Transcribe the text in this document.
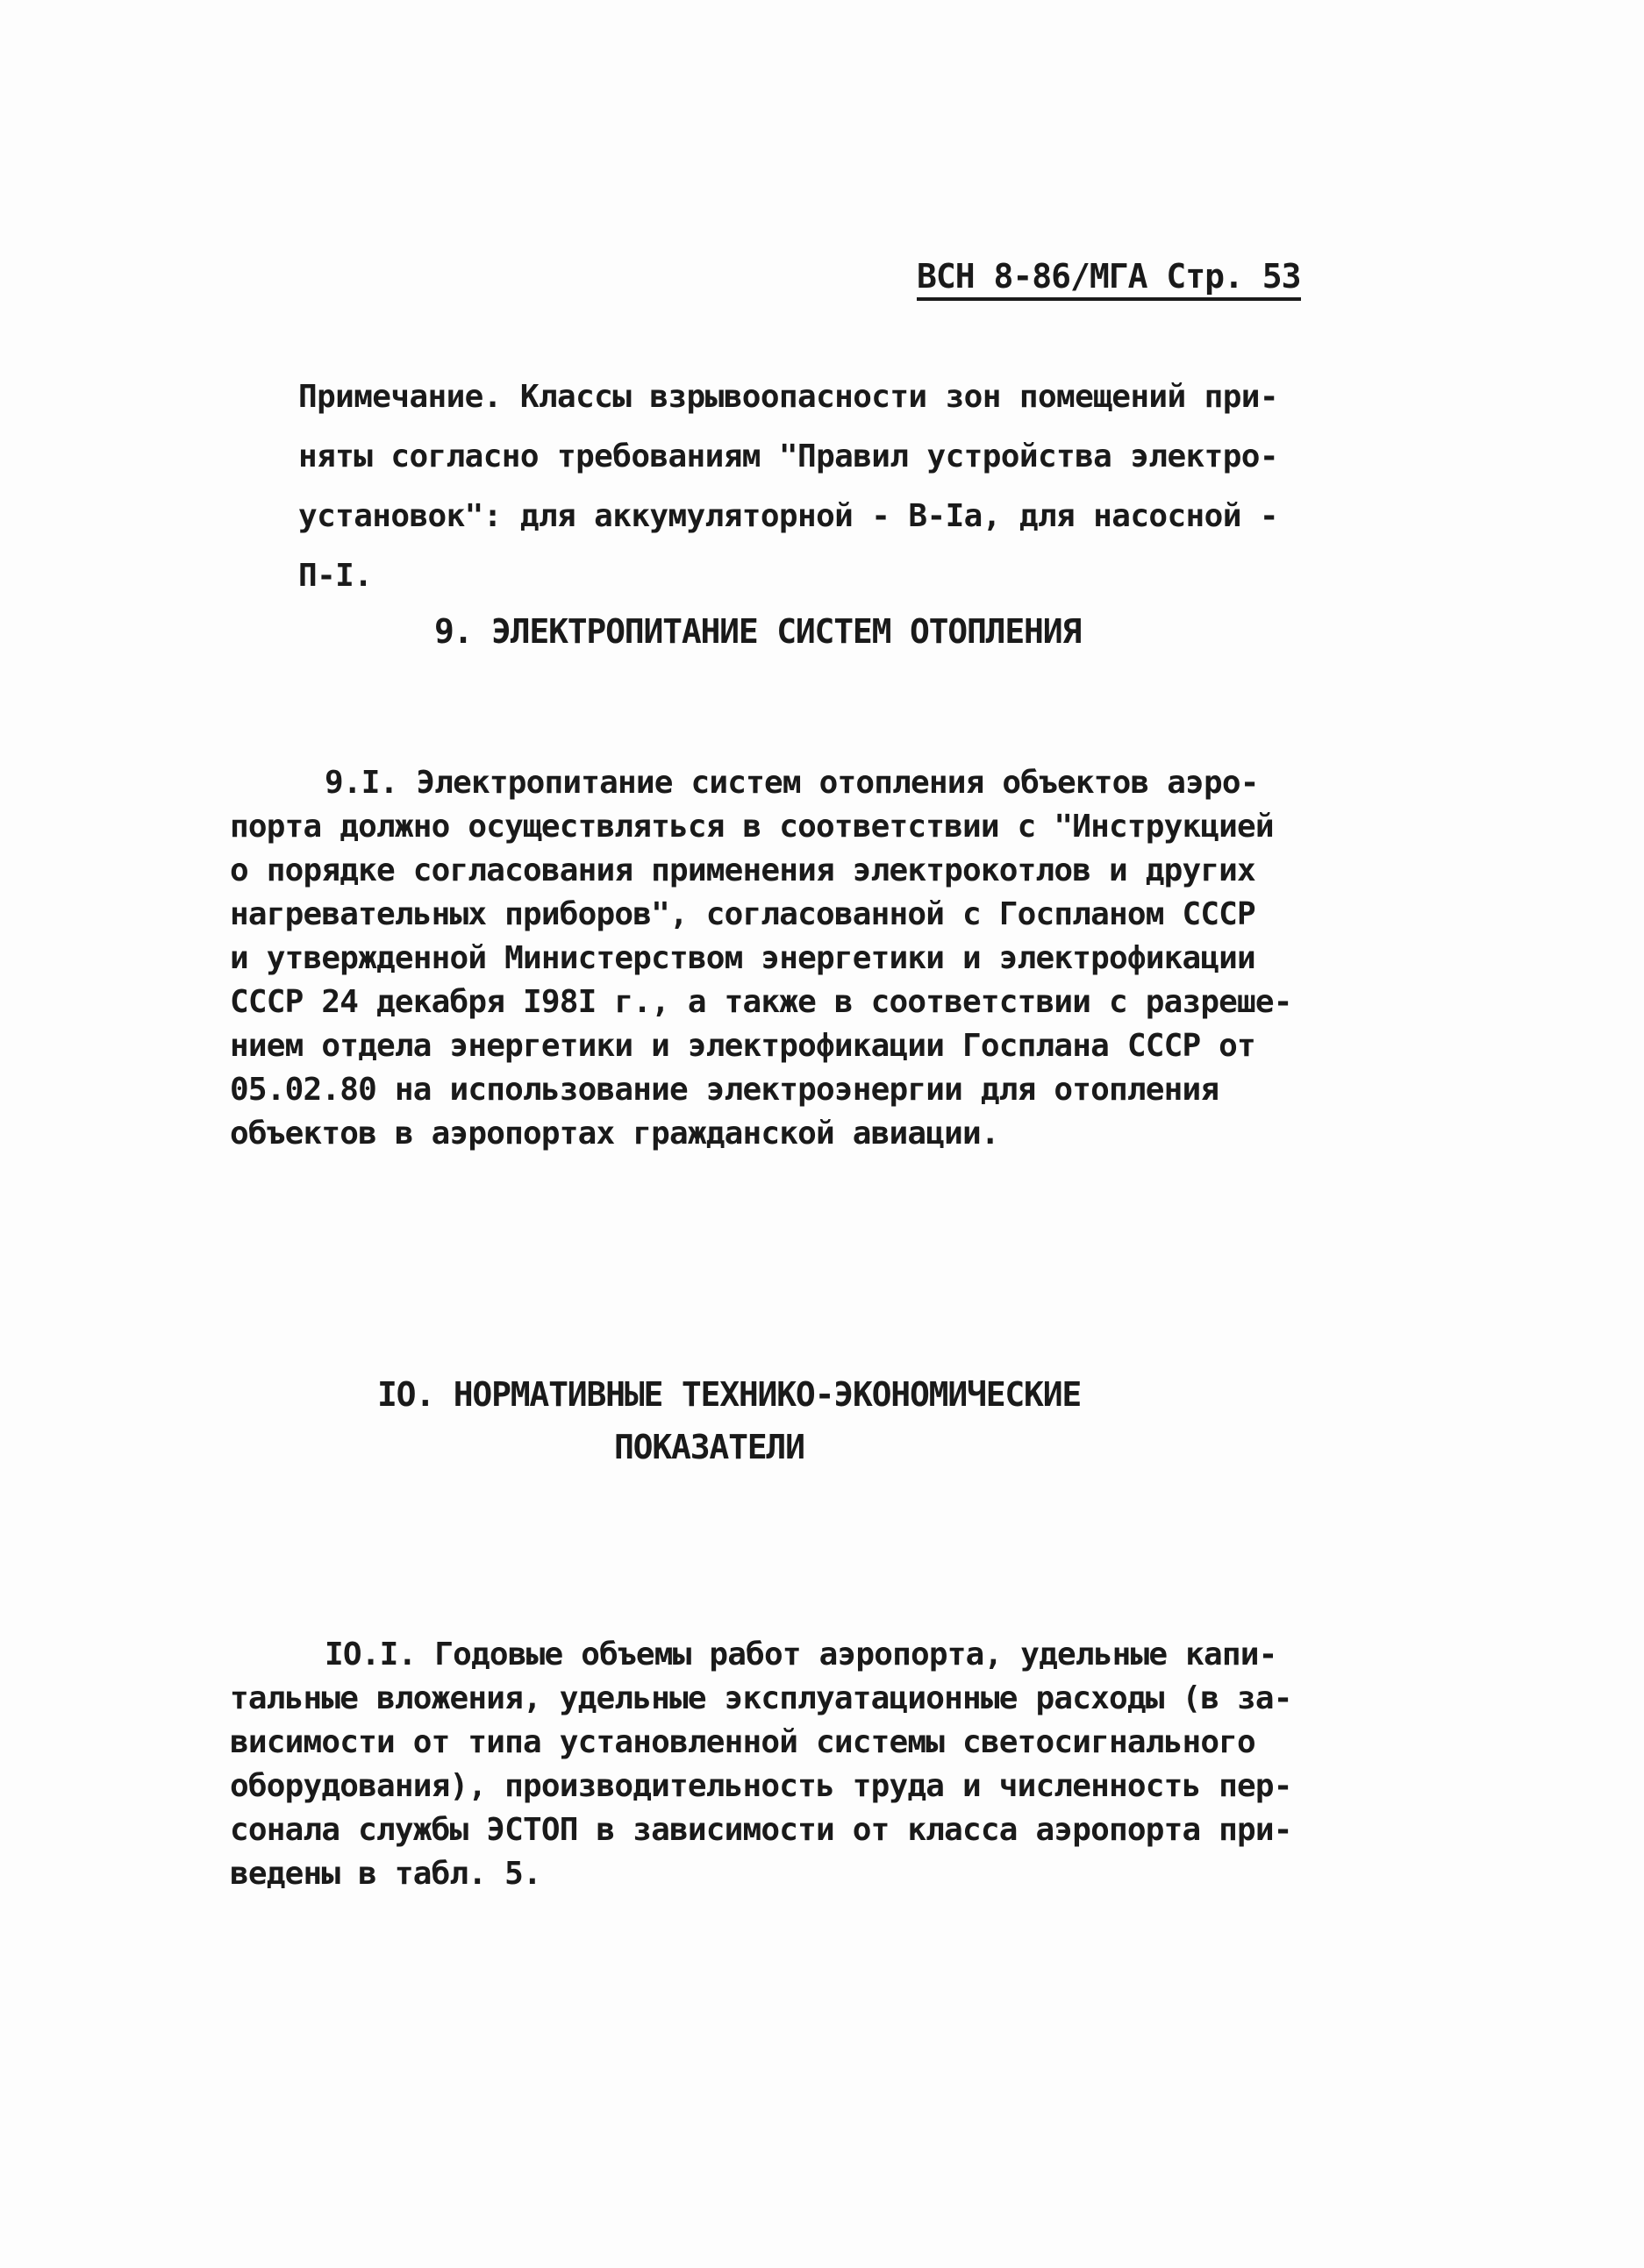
ВСН 8-86/МГА Стр. 53

Примечание. Классы взрывоопасности зон помещений при-

няты согласно требованиям "Правил устройства электро-

установок": для аккумуляторной - В-Iа, для насосной -

П-I.

9. ЭЛЕКТРОПИТАНИЕ СИСТЕМ ОТОПЛЕНИЯ
9.I. Электропитание систем отопления объектов аэро-
порта должно осуществляться в соответствии с "Инструкцией
о порядке согласования применения электрокотлов и других
нагревательных приборов", согласованной с Госпланом СССР
и утвержденной Министерством энергетики и электрофикации
СССР 24 декабря I98I г., а также в соответствии с разреше-
нием отдела энергетики и электрофикации Госплана СССР от
05.02.80 на использование электроэнергии для отопления
объектов в аэропортах гражданской авиации.
IO. НОРМАТИВНЫЕ ТЕХНИКО-ЭКОНОМИЧЕСКИЕ
ПОКАЗАТЕЛИ
IO.I. Годовые объемы работ аэропорта, удельные капи-
тальные вложения, удельные эксплуатационные расходы (в за-
висимости от типа установленной системы светосигнального
оборудования), производительность труда и численность пер-
сонала службы ЭСТОП в зависимости от класса аэропорта при-
ведены в табл. 5.
